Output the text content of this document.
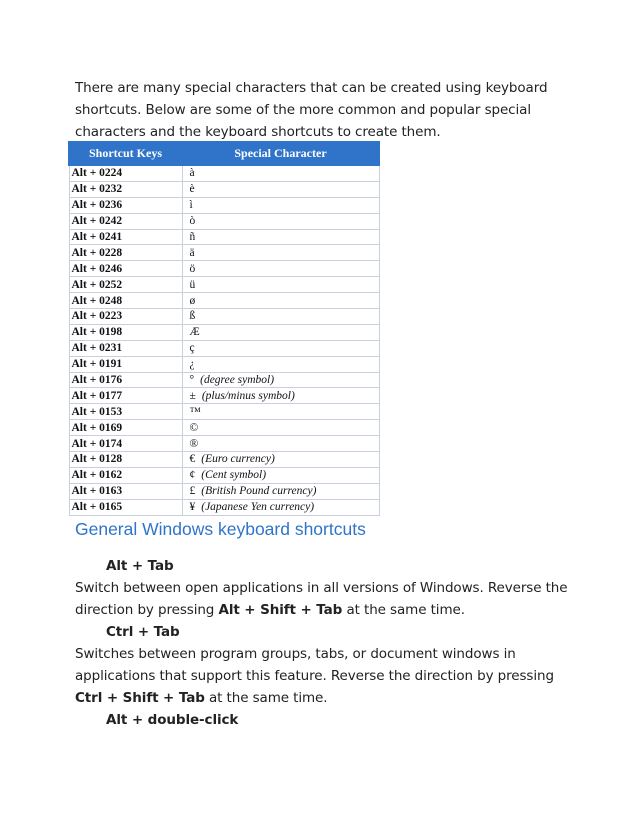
There are many special characters that can be created using keyboard shortcuts. Below are some of the more common and popular special characters and the keyboard shortcuts to create them.

Shortcut Keys	Special Character
Alt + 0224	à
Alt + 0232	è
Alt + 0236	ì
Alt + 0242	ò
Alt + 0241	ñ
Alt + 0228	ä
Alt + 0246	ö
Alt + 0252	ü
Alt + 0248	ø
Alt + 0223	ß
Alt + 0198	Æ
Alt + 0231	ç
Alt + 0191	¿
Alt + 0176	° (degree symbol)
Alt + 0177	± (plus/minus symbol)
Alt + 0153	™
Alt + 0169	©
Alt + 0174	®
Alt + 0128	€ (Euro currency)
Alt + 0162	¢ (Cent symbol)
Alt + 0163	£ (British Pound currency)
Alt + 0165	¥ (Japanese Yen currency)
General Windows keyboard shortcuts

Alt + Tab

Switch between open applications in all versions of Windows. Reverse the direction by pressing Alt + Shift + Tab at the same time.

Ctrl + Tab

Switches between program groups, tabs, or document windows in applications that support this feature. Reverse the direction by pressing Ctrl + Shift + Tab at the same time.

Alt + double-click
